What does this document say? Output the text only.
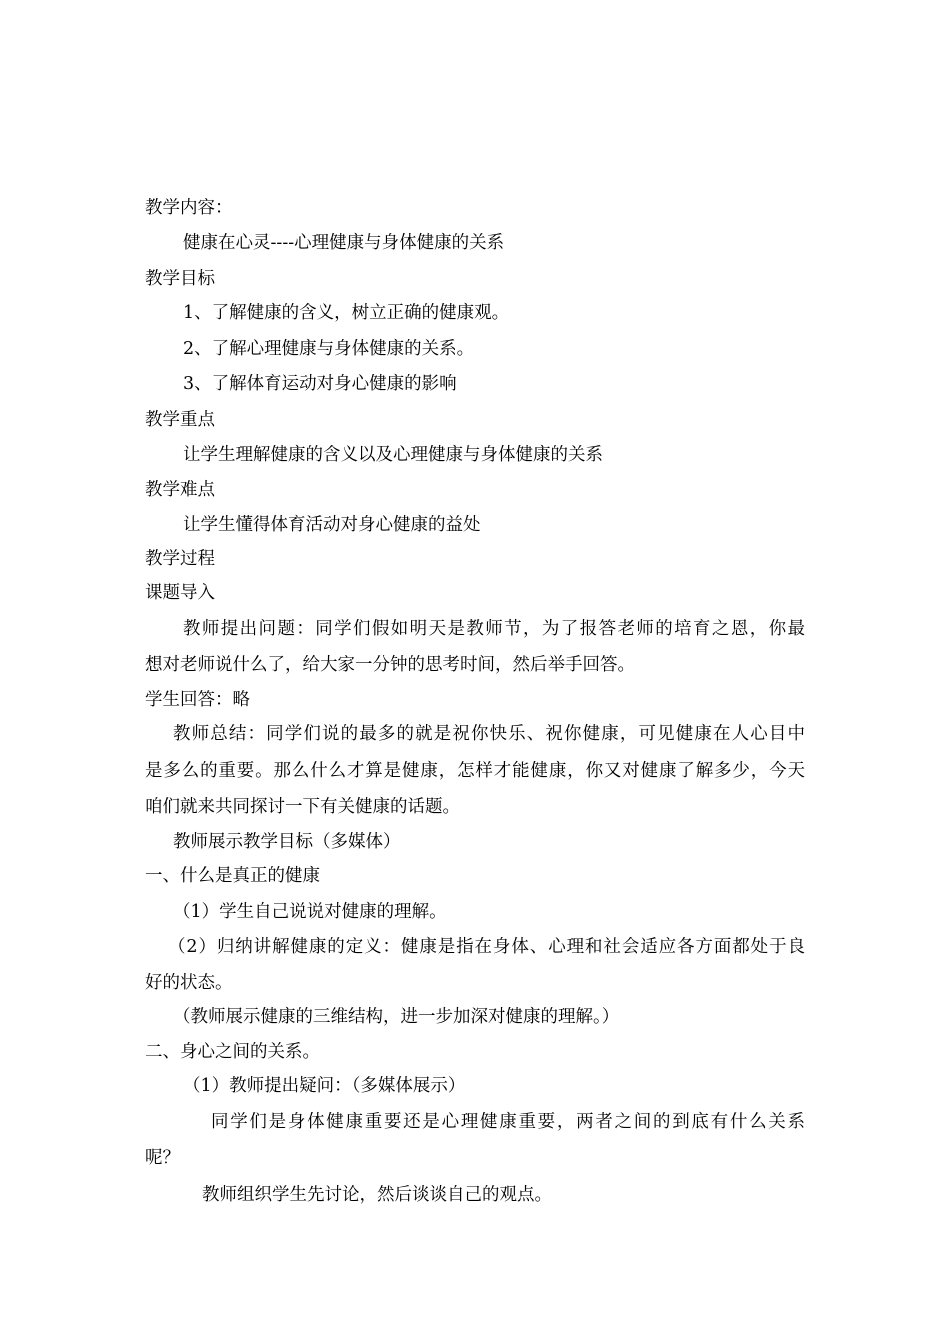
教学内容：
健康在心灵----心理健康与身体健康的关系
教学目标
1、了解健康的含义，树立正确的健康观。
2、了解心理健康与身体健康的关系。
3、了解体育运动对身心健康的影响
教学重点
让学生理解健康的含义以及心理健康与身体健康的关系
教学难点
让学生懂得体育活动对身心健康的益处
教学过程
课题导入
教师提出问题：同学们假如明天是教师节，为了报答老师的培育之恩，你最
想对老师说什么了，给大家一分钟的思考时间，然后举手回答。
学生回答：略
教师总结：同学们说的最多的就是祝你快乐、祝你健康，可见健康在人心目中
是多么的重要。那么什么才算是健康，怎样才能健康，你又对健康了解多少，今天
咱们就来共同探讨一下有关健康的话题。
教师展示教学目标（多媒体）
一、什么是真正的健康
（1）学生自己说说对健康的理解。
（2）归纳讲解健康的定义：健康是指在身体、心理和社会适应各方面都处于良
好的状态。
（教师展示健康的三维结构，进一步加深对健康的理解。）
二、身心之间的关系。
（1）教师提出疑问：（多媒体展示）
同学们是身体健康重要还是心理健康重要，两者之间的到底有什么关系
呢？
教师组织学生先讨论，然后谈谈自己的观点。
